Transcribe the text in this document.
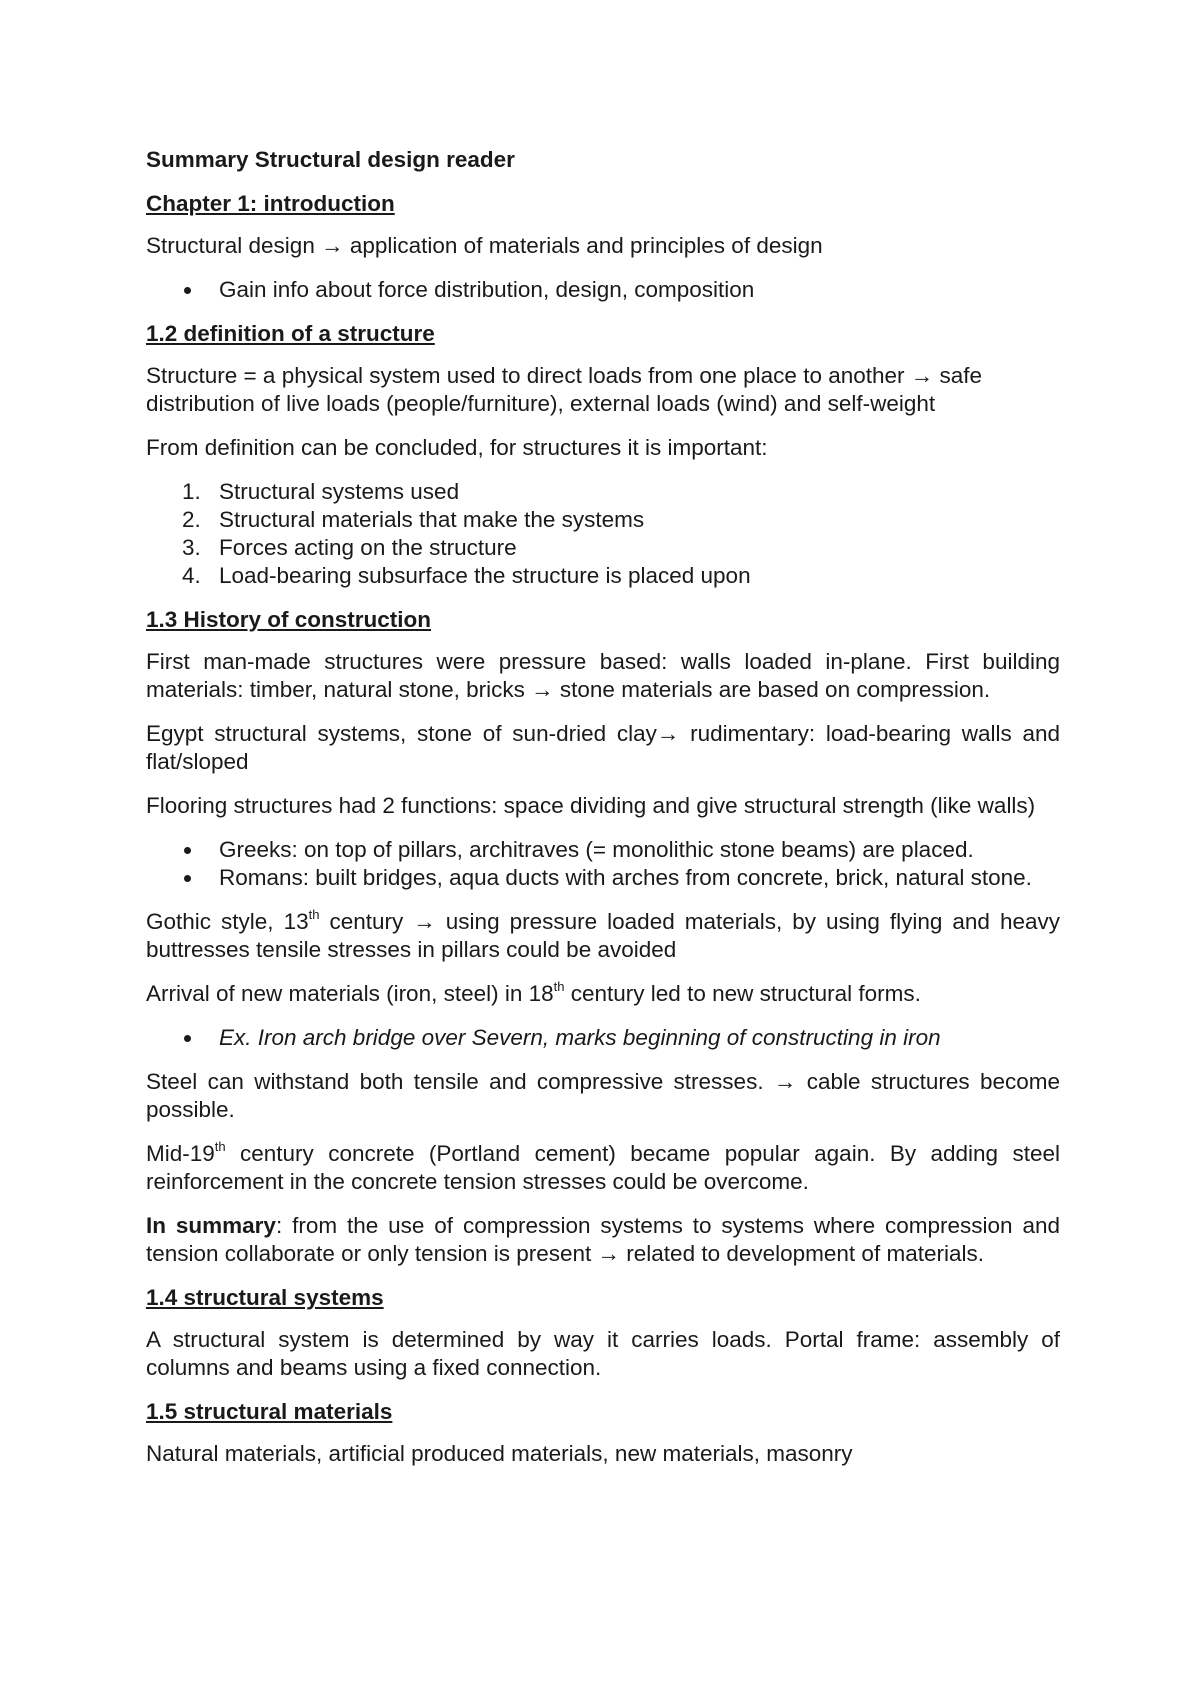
Summary Structural design reader

Chapter 1: introduction

Structural design → application of materials and principles of design

Gain info about force distribution, design, composition

1.2 definition of a structure

Structure = a physical system used to direct loads from one place to another → safe distribution of live loads (people/furniture), external loads (wind) and self-weight

From definition can be concluded, for structures it is important:

1. Structural systems used
2. Structural materials that make the systems
3. Forces acting on the structure
4. Load-bearing subsurface the structure is placed upon

1.3 History of construction

First man-made structures were pressure based: walls loaded in-plane. First building materials: timber, natural stone, bricks → stone materials are based on compression.

Egypt structural systems, stone of sun-dried clay→ rudimentary: load-bearing walls and flat/sloped

Flooring structures had 2 functions: space dividing and give structural strength (like walls)

Greeks: on top of pillars, architraves (= monolithic stone beams) are placed.
Romans: built bridges, aqua ducts with arches from concrete, brick, natural stone.

Gothic style, 13th century → using pressure loaded materials, by using flying and heavy buttresses tensile stresses in pillars could be avoided

Arrival of new materials (iron, steel) in 18th century led to new structural forms.

Ex. Iron arch bridge over Severn, marks beginning of constructing in iron

Steel can withstand both tensile and compressive stresses. → cable structures become possible.

Mid-19th century concrete (Portland cement) became popular again. By adding steel reinforcement in the concrete tension stresses could be overcome.

In summary: from the use of compression systems to systems where compression and tension collaborate or only tension is present → related to development of materials.

1.4 structural systems

A structural system is determined by way it carries loads. Portal frame: assembly of columns and beams using a fixed connection.

1.5 structural materials

Natural materials, artificial produced materials, new materials, masonry
